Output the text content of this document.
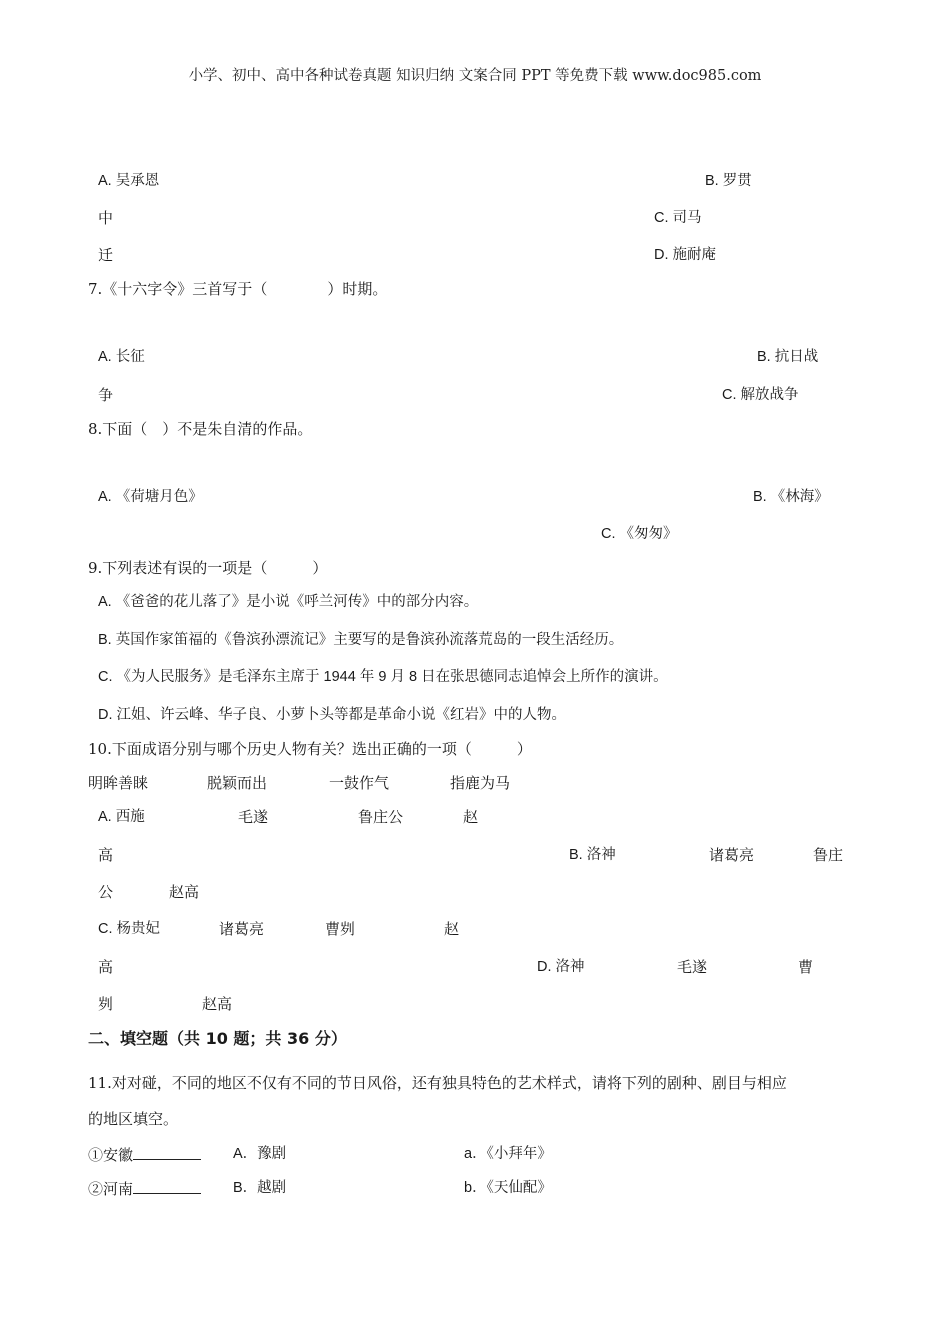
小学、初中、高中各种试卷真题 知识归纳 文案合同 PPT 等免费下载 www.doc985.com
A. 吴承恩	B. 罗贯
中	C. 司马
迁	D. 施耐庵
7.《十六字令》三首写于（　　　　）时期。
A. 长征	B. 抗日战
争	C. 解放战争
8.下面（　）不是朱自清的作品。
A. 《荷塘月色》	B. 《林海》
C. 《匆匆》
9.下列表述有误的一项是（　　　）
A. 《爸爸的花儿落了》是小说《呼兰河传》中的部分内容。
B. 英国作家笛福的《鲁滨孙漂流记》主要写的是鲁滨孙流落荒岛的一段生活经历。
C. 《为人民服务》是毛泽东主席于 1944 年 9 月 8 日在张思德同志追悼会上所作的演讲。
D. 江姐、许云峰、华子良、小萝卜头等都是革命小说《红岩》中的人物。
10.下面成语分别与哪个历史人物有关？选出正确的一项（　　　）
明眸善睐	脱颖而出	一鼓作气	指鹿为马
A. 西施	毛遂	鲁庄公	赵
高	B. 洛神	诸葛亮	鲁庄
公	赵高
C. 杨贵妃	诸葛亮	曹刿	赵
高	D. 洛神	毛遂	曹
刿	赵高
二、填空题（共 10 题；共 36 分）
11.对对碰，不同的地区不仅有不同的节日风俗，还有独具特色的艺术样式，请将下列的剧种、剧目与相应
的地区填空。
①安徽	A．豫剧	a．《小拜年》
②河南	B．越剧	b．《天仙配》
